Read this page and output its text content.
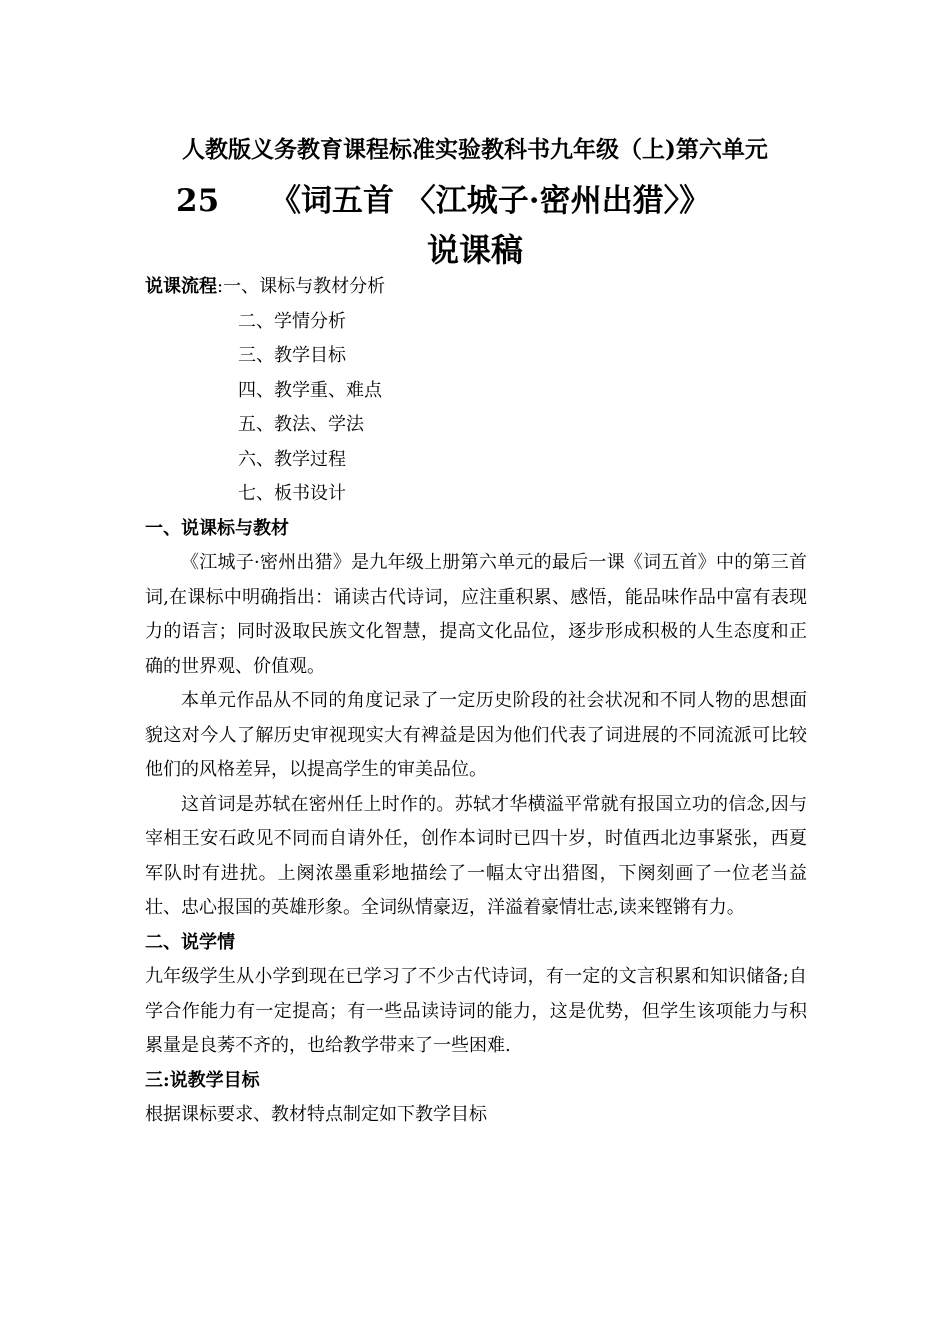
人教版义务教育课程标准实验教科书九年级（上)第六单元
25 《词五首 〈江城子·密州出猎〉》
说课稿
说课流程:一、课标与教材分析
二、学情分析
三、教学目标
四、教学重、难点
五、教法、学法
六、教学过程
七、板书设计
一、说课标与教材

《江城子·密州出猎》是九年级上册第六单元的最后一课《词五首》中的第三首词,在课标中明确指出：诵读古代诗词，应注重积累、感悟，能品味作品中富有表现力的语言；同时汲取民族文化智慧，提高文化品位，逐步形成积极的人生态度和正确的世界观、价值观。

本单元作品从不同的角度记录了一定历史阶段的社会状况和不同人物的思想面貌这对今人了解历史审视现实大有裨益是因为他们代表了词进展的不同流派可比较他们的风格差异，以提高学生的审美品位。

这首词是苏轼在密州任上时作的。苏轼才华横溢平常就有报国立功的信念,因与宰相王安石政见不同而自请外任，创作本词时已四十岁，时值西北边事紧张，西夏军队时有进扰。上阕浓墨重彩地描绘了一幅太守出猎图，下阕刻画了一位老当益壮、忠心报国的英雄形象。全词纵情豪迈，洋溢着豪情壮志,读来铿锵有力。

二、说学情

九年级学生从小学到现在已学习了不少古代诗词，有一定的文言积累和知识储备;自学合作能力有一定提高；有一些品读诗词的能力，这是优势，但学生该项能力与积累量是良莠不齐的，也给教学带来了一些困难.

三:说教学目标

根据课标要求、教材特点制定如下教学目标
